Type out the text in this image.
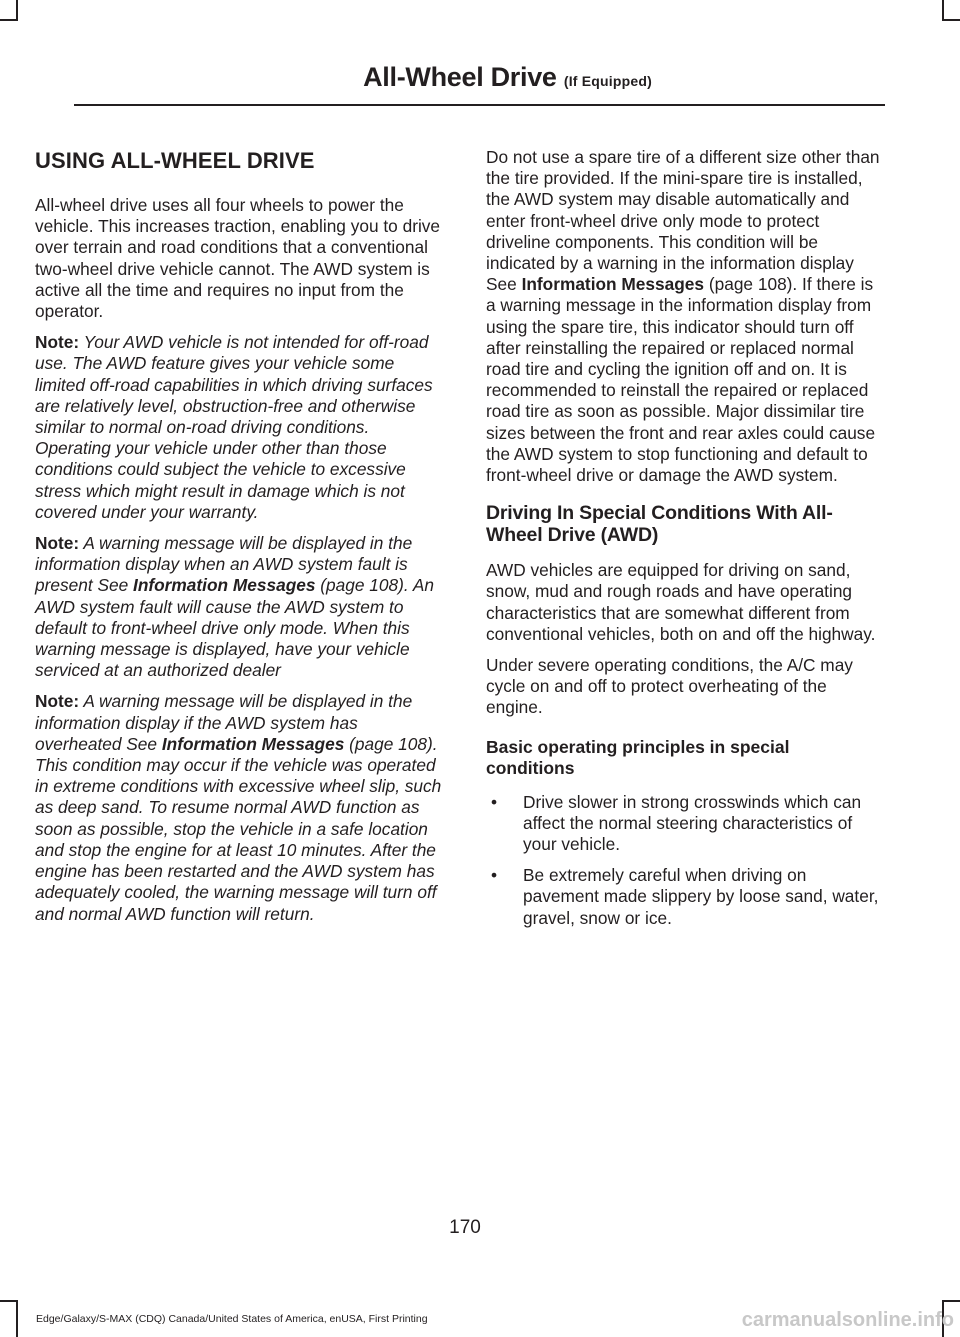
All-Wheel Drive (If Equipped)
USING ALL-WHEEL DRIVE

All-wheel drive uses all four wheels to power the vehicle. This increases traction, enabling you to drive over terrain and road conditions that a conventional two-wheel drive vehicle cannot. The AWD system is active all the time and requires no input from the operator.

Note: Your AWD vehicle is not intended for off-road use. The AWD feature gives your vehicle some limited off-road capabilities in which driving surfaces are relatively level, obstruction-free and otherwise similar to normal on-road driving conditions. Operating your vehicle under other than those conditions could subject the vehicle to excessive stress which might result in damage which is not covered under your warranty.

Note: A warning message will be displayed in the information display when an AWD system fault is present See Information Messages (page 108). An AWD system fault will cause the AWD system to default to front-wheel drive only mode. When this warning message is displayed, have your vehicle serviced at an authorized dealer

Note: A warning message will be displayed in the information display if the AWD system has overheated See Information Messages (page 108). This condition may occur if the vehicle was operated in extreme conditions with excessive wheel slip, such as deep sand. To resume normal AWD function as soon as possible, stop the vehicle in a safe location and stop the engine for at least 10 minutes. After the engine has been restarted and the AWD system has adequately cooled, the warning message will turn off and normal AWD function will return.

Do not use a spare tire of a different size other than the tire provided. If the mini-spare tire is installed, the AWD system may disable automatically and enter front-wheel drive only mode to protect driveline components. This condition will be indicated by a warning in the information display See Information Messages (page 108). If there is a warning message in the information display from using the spare tire, this indicator should turn off after reinstalling the repaired or replaced normal road tire and cycling the ignition off and on. It is recommended to reinstall the repaired or replaced road tire as soon as possible. Major dissimilar tire sizes between the front and rear axles could cause the AWD system to stop functioning and default to front-wheel drive or damage the AWD system.

Driving In Special Conditions With All-Wheel Drive (AWD)

AWD vehicles are equipped for driving on sand, snow, mud and rough roads and have operating characteristics that are somewhat different from conventional vehicles, both on and off the highway.

Under severe operating conditions, the A/C may cycle on and off to protect overheating of the engine.

Basic operating principles in special conditions
• Drive slower in strong crosswinds which can affect the normal steering characteristics of your vehicle.
• Be extremely careful when driving on pavement made slippery by loose sand, water, gravel, snow or ice.
170
Edge/Galaxy/S-MAX (CDQ) Canada/United States of America, enUSA, First Printing	carmanualsonline.info
